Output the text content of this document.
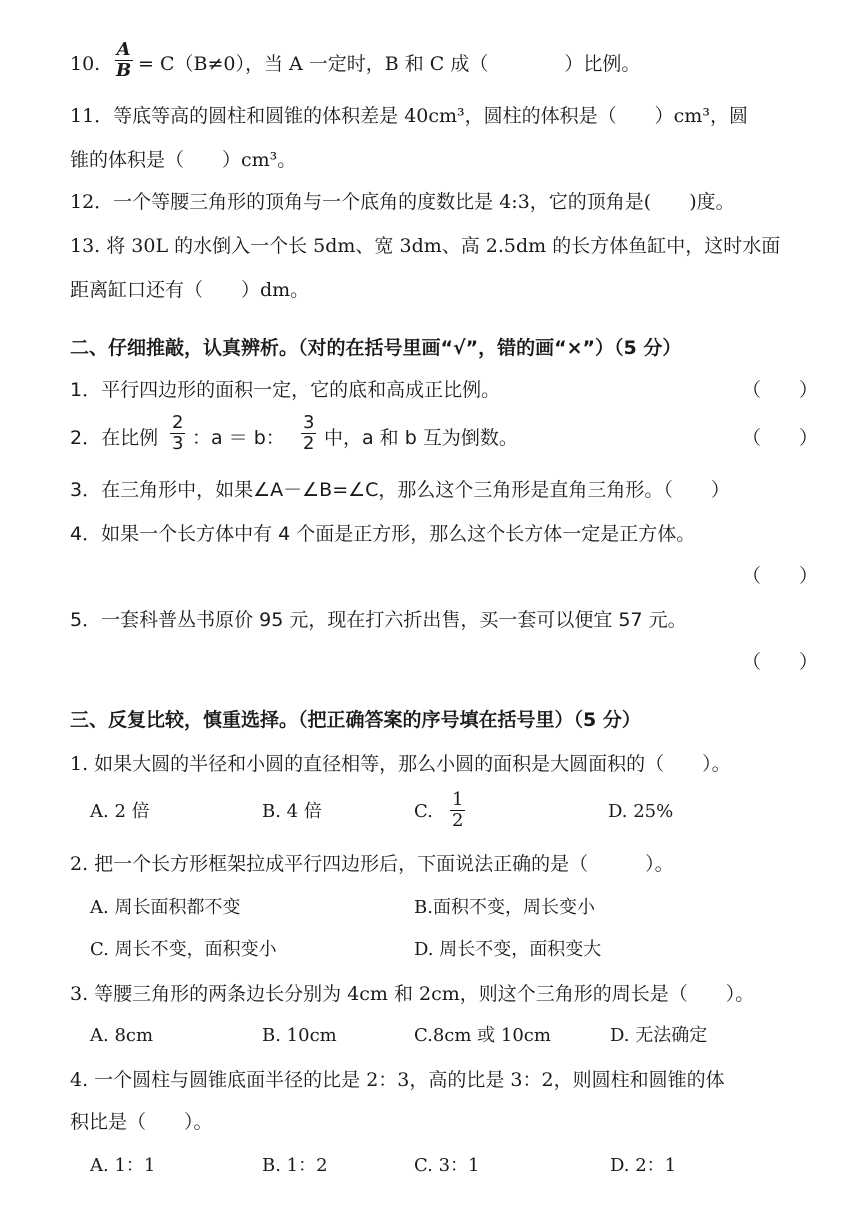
10. $\frac{A}{B} = C(B\ne 0)$，当 A 一定时，B 和 C 成（　　　　）比例。
11．等底等高的圆柱和圆锥的体积差是 40cm³，圆柱的体积是（　　）cm³，圆
锥的体积是（　　）cm³。
12．一个等腰三角形的顶角与一个底角的度数比是 4:3，它的顶角是(　　)度。
13. 将 30L 的水倒入一个长 5dm、宽 3dm、高 2.5dm 的长方体鱼缸中，这时水面
距离缸口还有（　　）dm。
二、仔细推敲，认真辨析。（对的在括号里画“√”，错的画“×”）（5 分）
1．平行四边形的面积一定，它的底和高成正比例。	（　　）
2．在比例 $\frac{2}{3}$ ：a ＝ b： $\frac{3}{2}$ 中，a 和 b 互为倒数。	（　　）
3．在三角形中，如果∠A－∠B=∠C，那么这个三角形是直角三角形。（　　）
4．如果一个长方体中有 4 个面是正方形，那么这个长方体一定是正方体。
（　　）
5．一套科普丛书原价 95 元，现在打六折出售，买一套可以便宜 57 元。
（　　）
三、反复比较，慎重选择。（把正确答案的序号填在括号里）（5 分）
1. 如果大圆的半径和小圆的直径相等，那么小圆的面积是大圆面积的（　　）。
A. 2 倍	B. 4 倍	C. $\frac{1}{2}$	D. 25%
2. 把一个长方形框架拉成平行四边形后，下面说法正确的是（　　　）。
A. 周长面积都不变	B.面积不变，周长变小
C. 周长不变，面积变小	D. 周长不变，面积变大
3. 等腰三角形的两条边长分别为 4cm 和 2cm，则这个三角形的周长是（　　）。
A. 8cm	B. 10cm	C.8cm 或 10cm	D. 无法确定
4. 一个圆柱与圆锥底面半径的比是 2：3，高的比是 3：2，则圆柱和圆锥的体
积比是（　　）。
A. 1：1	B. 1：2	C. 3：1	D. 2：1
